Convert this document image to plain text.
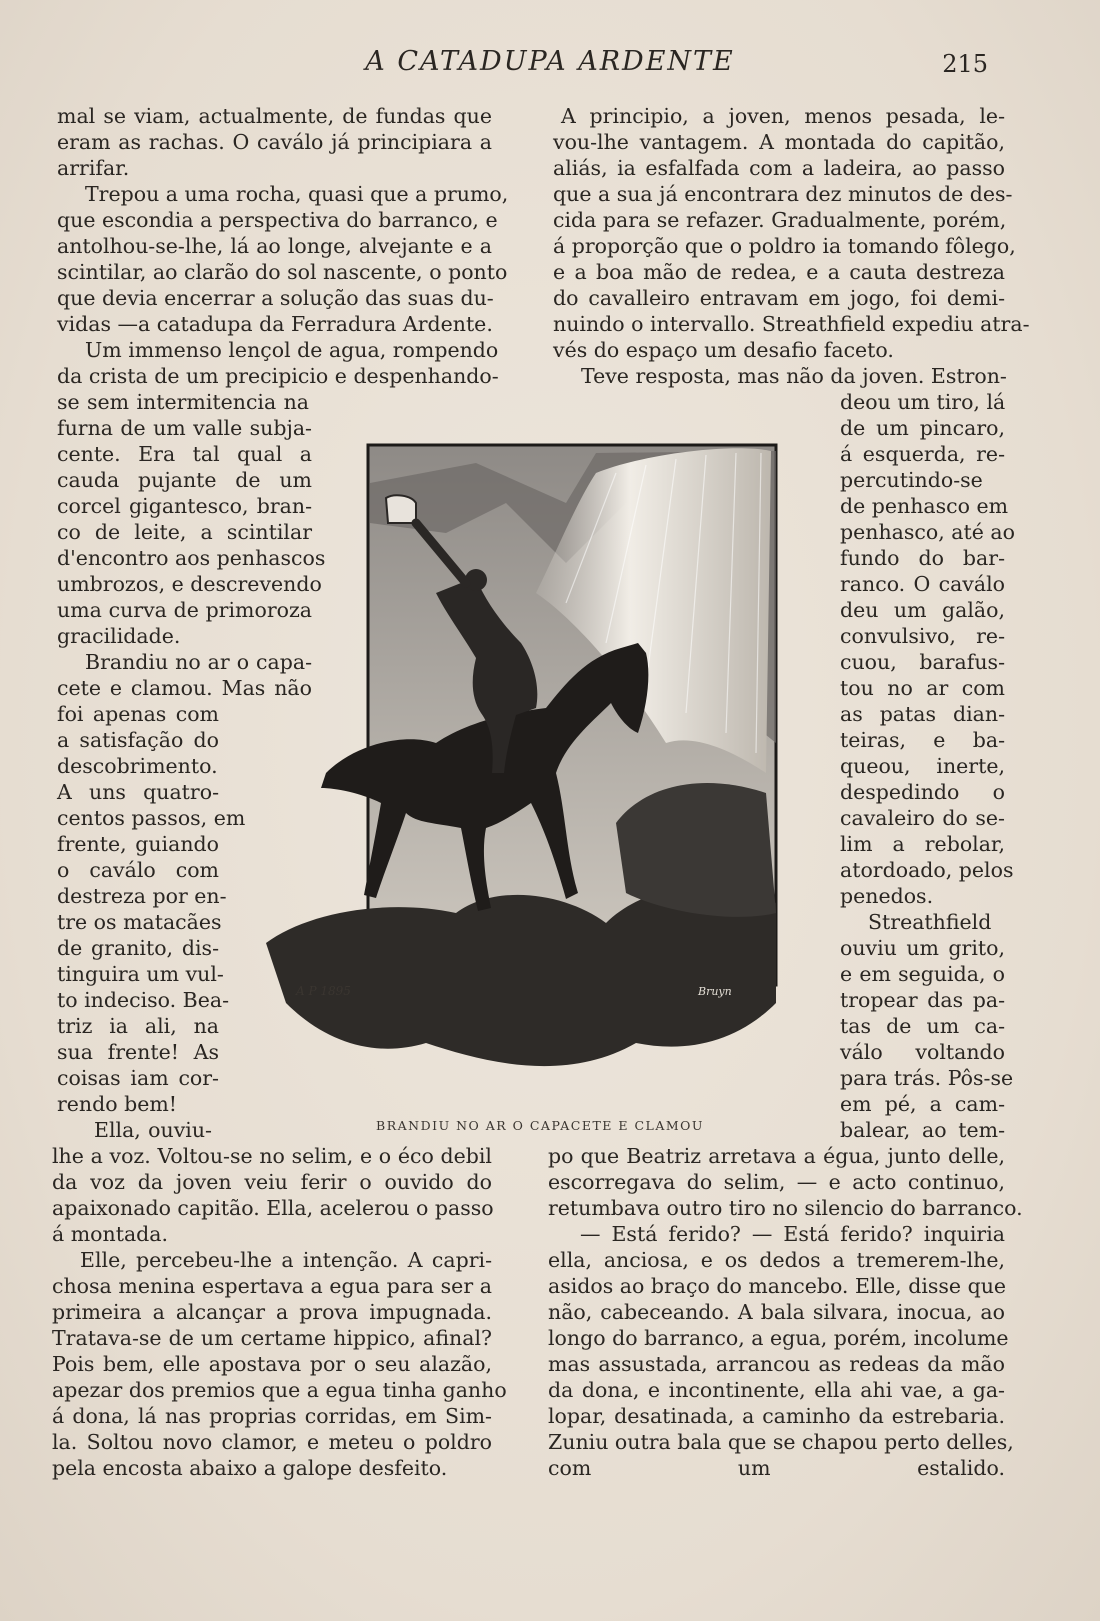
A CATADUPA ARDENTE	215
mal se viam, actualmente, de fundas que
eram as rachas. O caválo já principiara a
arrifar.
Trepou a uma rocha, quasi que a prumo,
que escondia a perspectiva do barranco, e
antolhou-se-lhe, lá ao longe, alvejante e a
scintilar, ao clarão do sol nascente, o ponto
que devia encerrar a solução das suas du-
vidas —a catadupa da Ferradura Ardente.
Um immenso lençol de agua, rompendo
da crista de um precipicio e despenhando-
se sem intermitencia na
furna de um valle subja-
cente. Era tal qual a
cauda pujante de um
corcel gigantesco, bran-
co de leite, a scintilar
d'encontro aos penhascos
umbrozos, e descrevendo
uma curva de primoroza
gracilidade.
Brandiu no ar o capa-
cete e clamou. Mas não
foi apenas com
a satisfação do
descobrimento.
A uns quatro-
centos passos, em
frente, guiando
o caválo com
destreza por en-
tre os matacães
de granito, dis-
tinguira um vul-
to indeciso. Bea-
triz ia ali, na
sua frente! As
coisas iam cor-
rendo bem!
Ella, ouviu-
lhe a voz. Voltou-se no selim, e o éco debil
da voz da joven veiu ferir o ouvido do
apaixonado capitão. Ella, acelerou o passo
á montada.
Elle, percebeu-lhe a intenção. A capri-
chosa menina espertava a egua para ser a
primeira a alcançar a prova impugnada.
Tratava-se de um certame hippico, afinal?
Pois bem, elle apostava por o seu alazão,
apezar dos premios que a egua tinha ganho
á dona, lá nas proprias corridas, em Sim-
la. Soltou novo clamor, e meteu o poldro
pela encosta abaixo a galope desfeito.
A principio, a joven, menos pesada, le-
vou-lhe vantagem. A montada do capitão,
aliás, ia esfalfada com a ladeira, ao passo
que a sua já encontrara dez minutos de des-
cida para se refazer. Gradualmente, porém,
á proporção que o poldro ia tomando fôlego,
e a boa mão de redea, e a cauta destreza
do cavalleiro entravam em jogo, foi demi-
nuindo o intervallo. Streathfield expediu atra-
vés do espaço um desafio faceto.
Teve resposta, mas não da joven. Estron-
deou um tiro, lá
de um pincaro,
á esquerda, re-
percutindo-se
de penhasco em
penhasco, até ao
fundo do bar-
ranco. O caválo
deu um galão,
convulsivo, re-
cuou, barafus-
tou no ar com
as patas dian-
teiras, e ba-
queou, inerte,
despedindo o
cavaleiro do se-
lim a rebolar,
atordoado, pelos
penedos.
Streathfield
ouviu um grito,
e em seguida, o
tropear das pa-
tas de um ca-
válo voltando
para trás. Pôs-se
em pé, a cam-
balear, ao tem-
po que Beatriz arretava a égua, junto delle,
escorregava do selim, — e acto continuo,
retumbava outro tiro no silencio do barranco.
— Está ferido? — Está ferido? inquiria
ella, anciosa, e os dedos a tremerem-lhe,
asidos ao braço do mancebo. Elle, disse que
não, cabeceando. A bala silvara, inocua, ao
longo do barranco, a egua, porém, incolume
mas assustada, arrancou as redeas da mão
da dona, e incontinente, ella ahi vae, a ga-
lopar, desatinada, a caminho da estrebaria.
Zuniu outra bala que se chapou perto delles,
com um estalido.
A P 1895	Bruyn
BRANDIU NO AR O CAPACETE E CLAMOU
